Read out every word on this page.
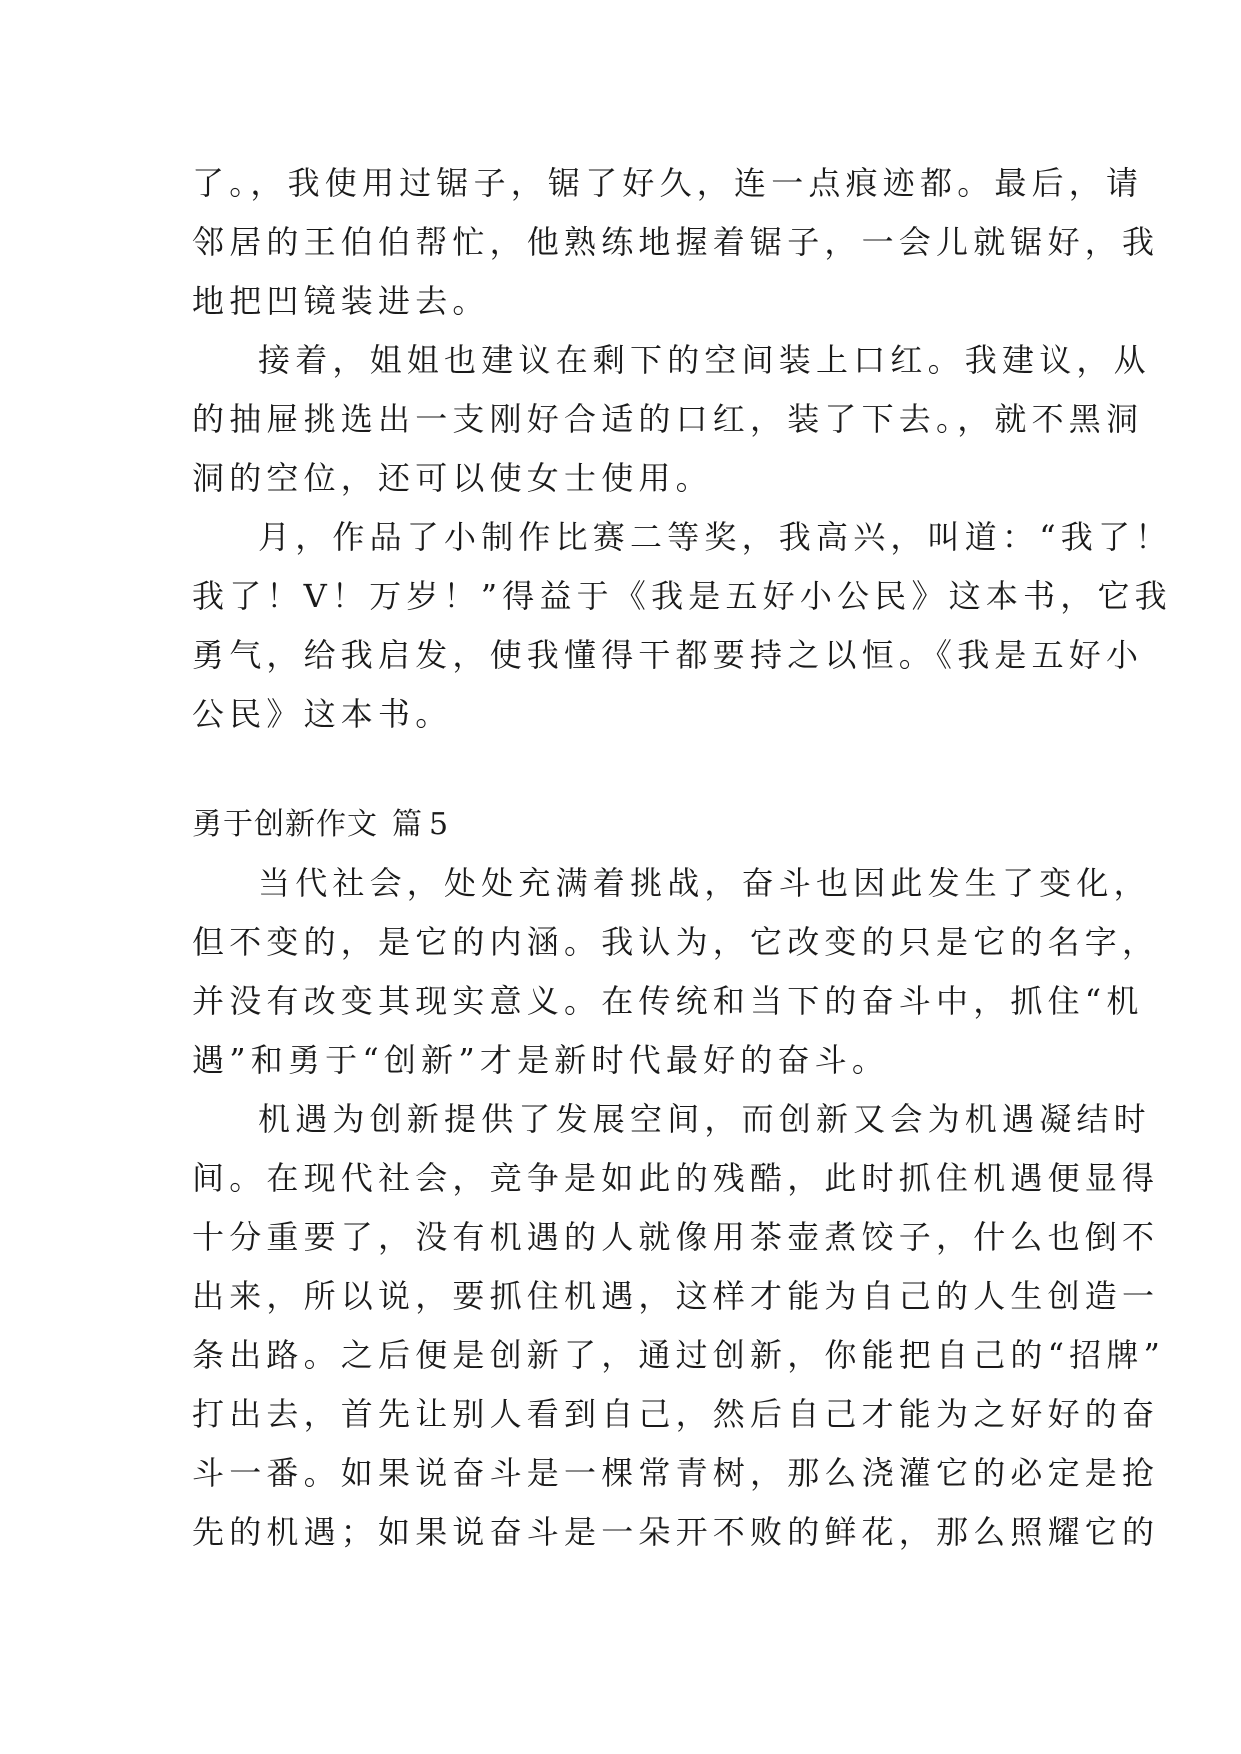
了。，我使用过锯子，锯了好久，连一点痕迹都。最后，请
邻居的王伯伯帮忙，他熟练地握着锯子，一会儿就锯好，我
地把凹镜装进去。
接着，姐姐也建议在剩下的空间装上口红。我建议，从
的抽屉挑选出一支刚好合适的口红，装了下去。，就不黑洞
洞的空位，还可以使女士使用。
月，作品了小制作比赛二等奖，我高兴，叫道：“我了！
我了！V！万岁！”得益于《我是五好小公民》这本书，它我
勇气，给我启发，使我懂得干都要持之以恒。《我是五好小
公民》这本书。
勇于创新作文 篇 5
当代社会，处处充满着挑战，奋斗也因此发生了变化，
但不变的，是它的内涵。我认为，它改变的只是它的名字，
并没有改变其现实意义。在传统和当下的奋斗中，抓住“机
遇”和勇于“创新”才是新时代最好的奋斗。
机遇为创新提供了发展空间，而创新又会为机遇凝结时
间。在现代社会，竞争是如此的残酷，此时抓住机遇便显得
十分重要了，没有机遇的人就像用茶壶煮饺子，什么也倒不
出来，所以说，要抓住机遇，这样才能为自己的人生创造一
条出路。之后便是创新了，通过创新，你能把自己的“招牌”
打出去，首先让别人看到自己，然后自己才能为之好好的奋
斗一番。如果说奋斗是一棵常青树，那么浇灌它的必定是抢
先的机遇；如果说奋斗是一朵开不败的鲜花，那么照耀它的
